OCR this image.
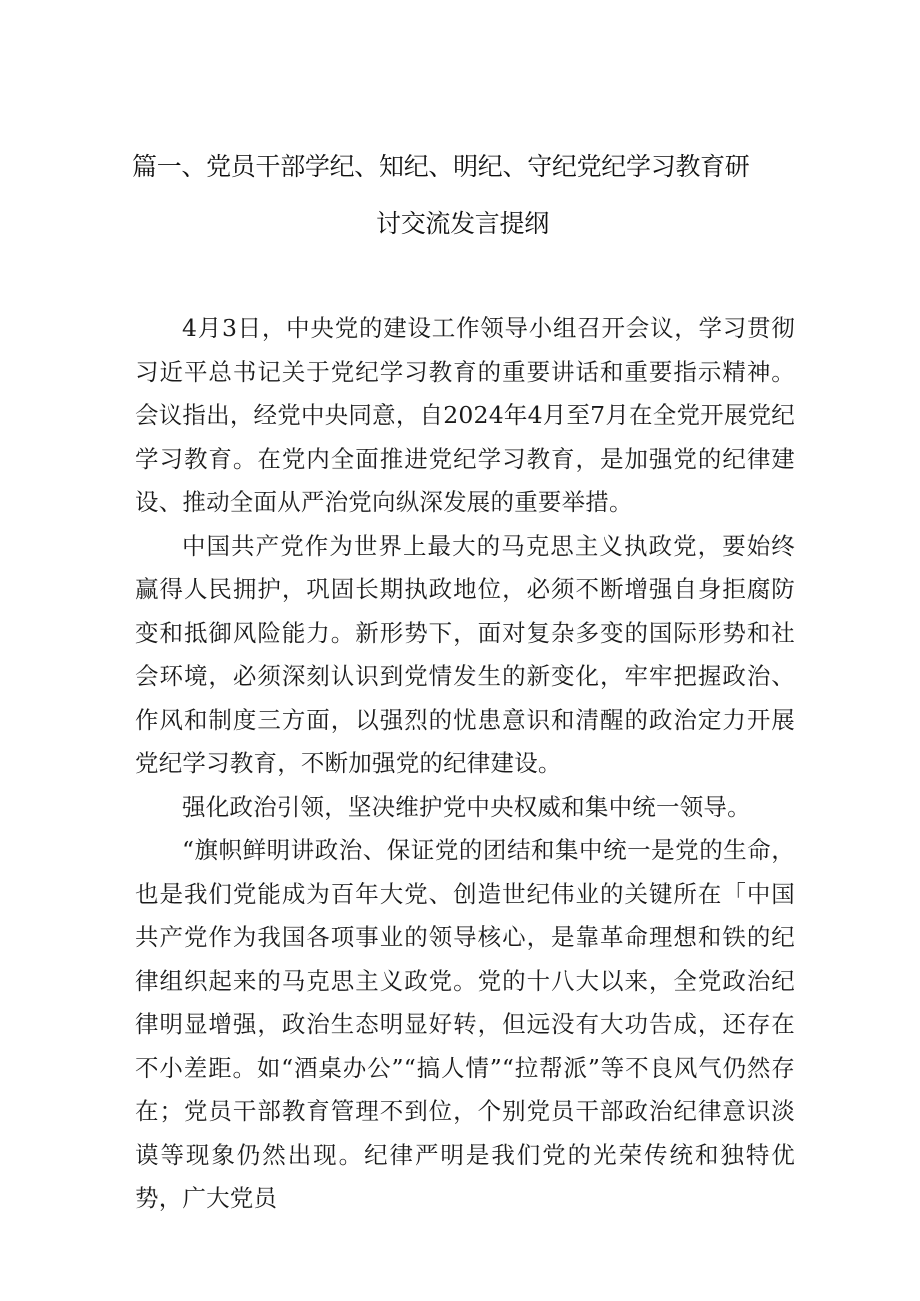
篇一、党员干部学纪、知纪、明纪、守纪党纪学习教育研
讨交流发言提纲

4月3日，中央党的建设工作领导小组召开会议，学习贯彻习近平总书记关于党纪学习教育的重要讲话和重要指示精神。会议指出，经党中央同意，自2024年4月至7月在全党开展党纪学习教育。在党内全面推进党纪学习教育，是加强党的纪律建设、推动全面从严治党向纵深发展的重要举措。

中国共产党作为世界上最大的马克思主义执政党，要始终赢得人民拥护，巩固长期执政地位，必须不断增强自身拒腐防变和抵御风险能力。新形势下，面对复杂多变的国际形势和社会环境，必须深刻认识到党情发生的新变化，牢牢把握政治、作风和制度三方面，以强烈的忧患意识和清醒的政治定力开展党纪学习教育，不断加强党的纪律建设。

强化政治引领，坚决维护党中央权威和集中统一领导。

“旗帜鲜明讲政治、保证党的团结和集中统一是党的生命，也是我们党能成为百年大党、创造世纪伟业的关键所在「中国共产党作为我国各项事业的领导核心，是靠革命理想和铁的纪律组织起来的马克思主义政党。党的十八大以来，全党政治纪律明显增强，政治生态明显好转，但远没有大功告成，还存在不小差距。如“酒桌办公”“搞人情”“拉帮派”等不良风气仍然存在；党员干部教育管理不到位，个别党员干部政治纪律意识淡谟等现象仍然出现。纪律严明是我们党的光荣传统和独特优势，广大党员
